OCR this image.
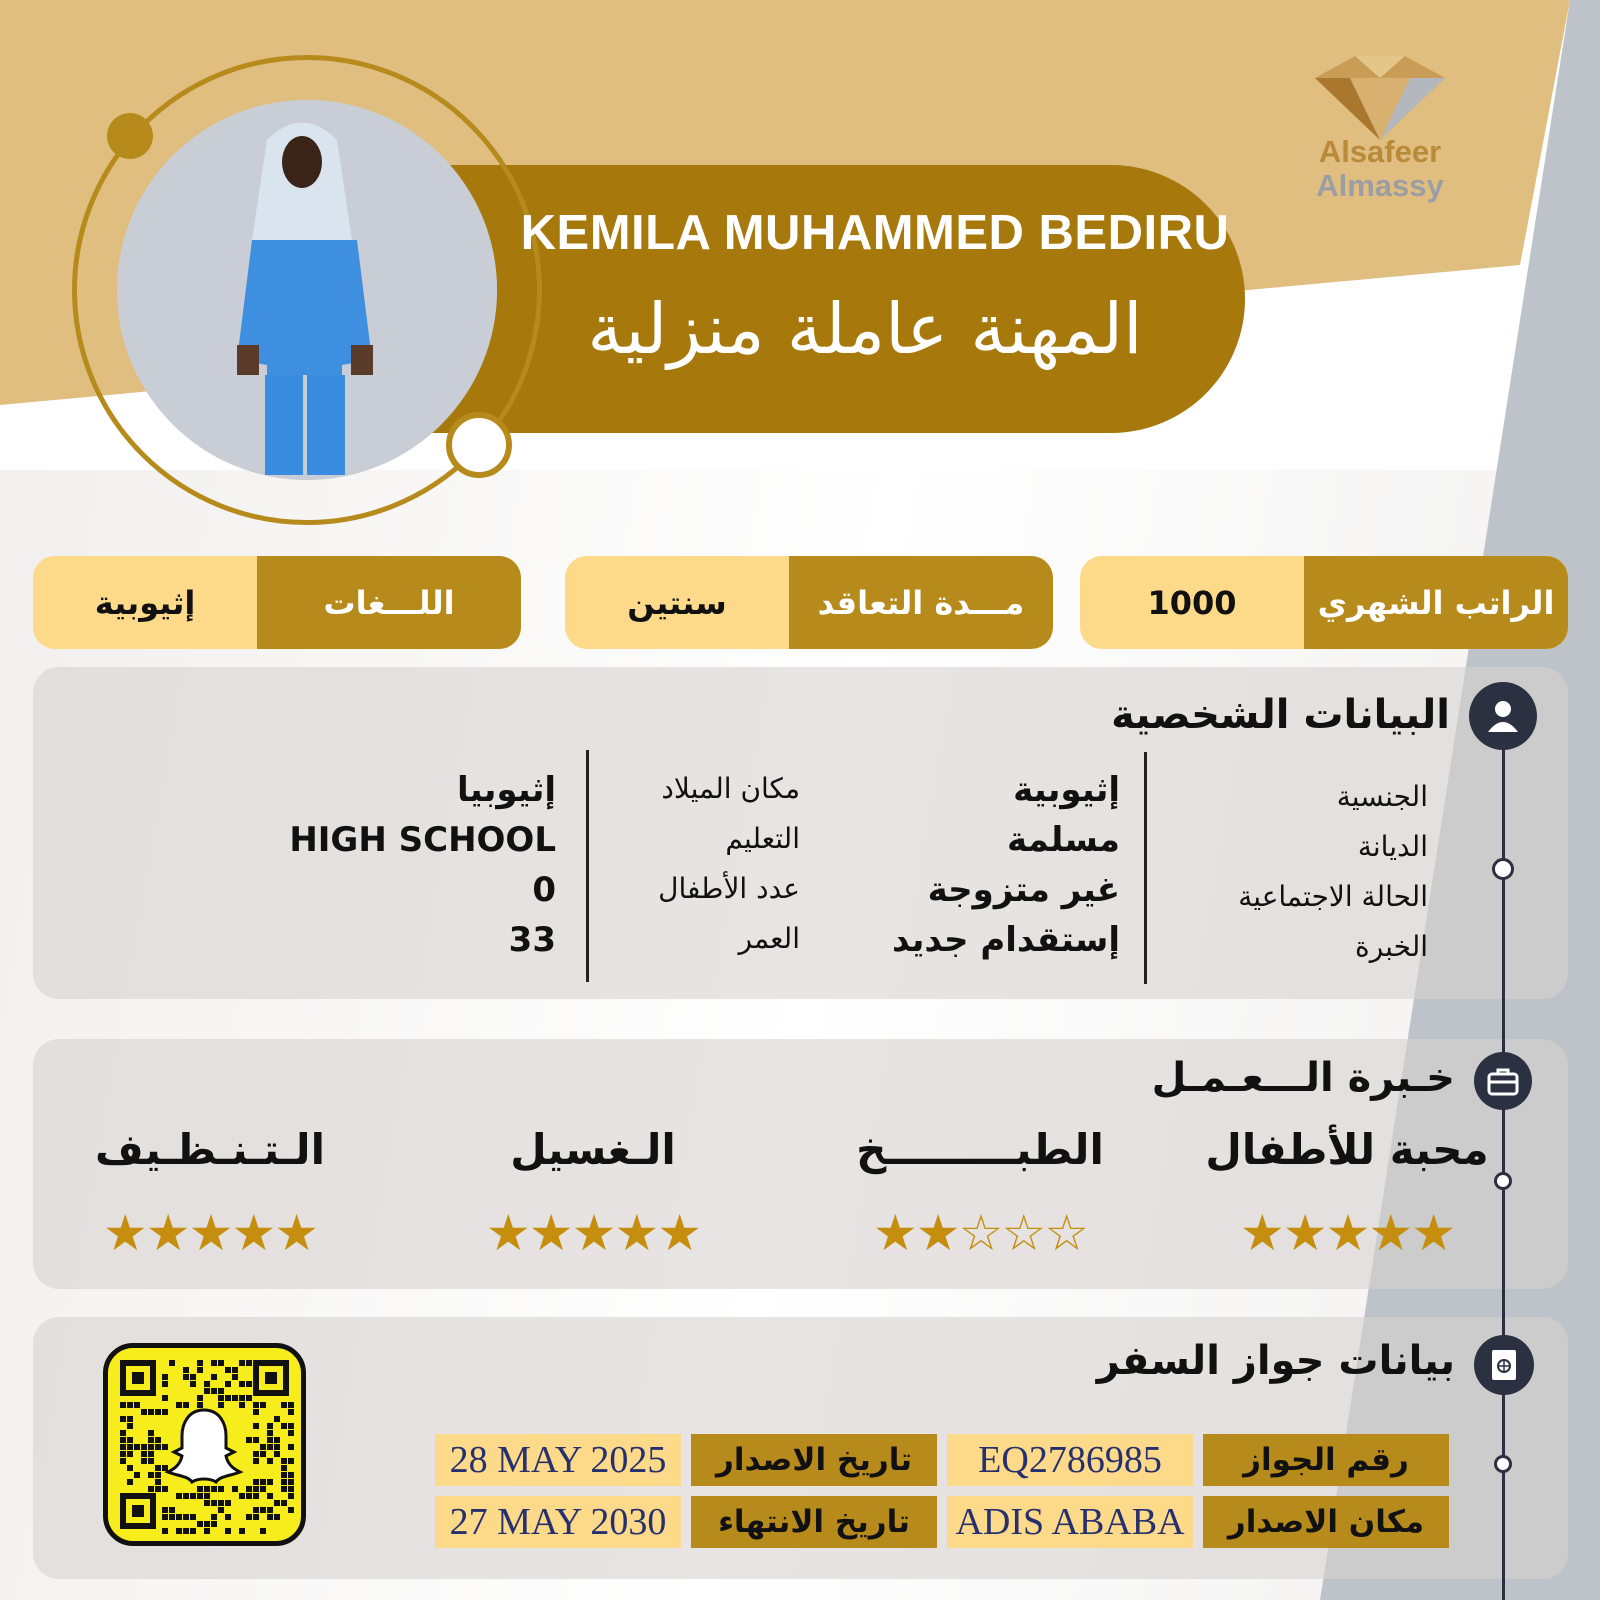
Alsafeer
Almassy
KEMILA MUHAMMED BEDIRU
المهنة عاملة منزلية
الراتب الشهري
1000
مـــدة التعاقد
سنتين
اللـــغات
إثيوبية
البيانات الشخصية
الجنسية
الديانة
الحالة الاجتماعية
الخبرة
إثيوبية
مسلمة
غير متزوجة
إستقدام جديد
مكان الميلاد
التعليم
عدد الأطفال
العمر
إثيوبيا
HIGH SCHOOL
0
33
خـبرة الـــعـمـل
محبة للأطفال
★★★★★
الطبـــــــــخ
★★☆☆☆
الـغسيل
★★★★★
الـتـنـظـيف
★★★★★
بيانات جواز السفر
رقم الجواز
EQ2786985
تاريخ الاصدار
28 MAY 2025
مكان الاصدار
ADIS ABABA
تاريخ الانتهاء
27 MAY 2030
